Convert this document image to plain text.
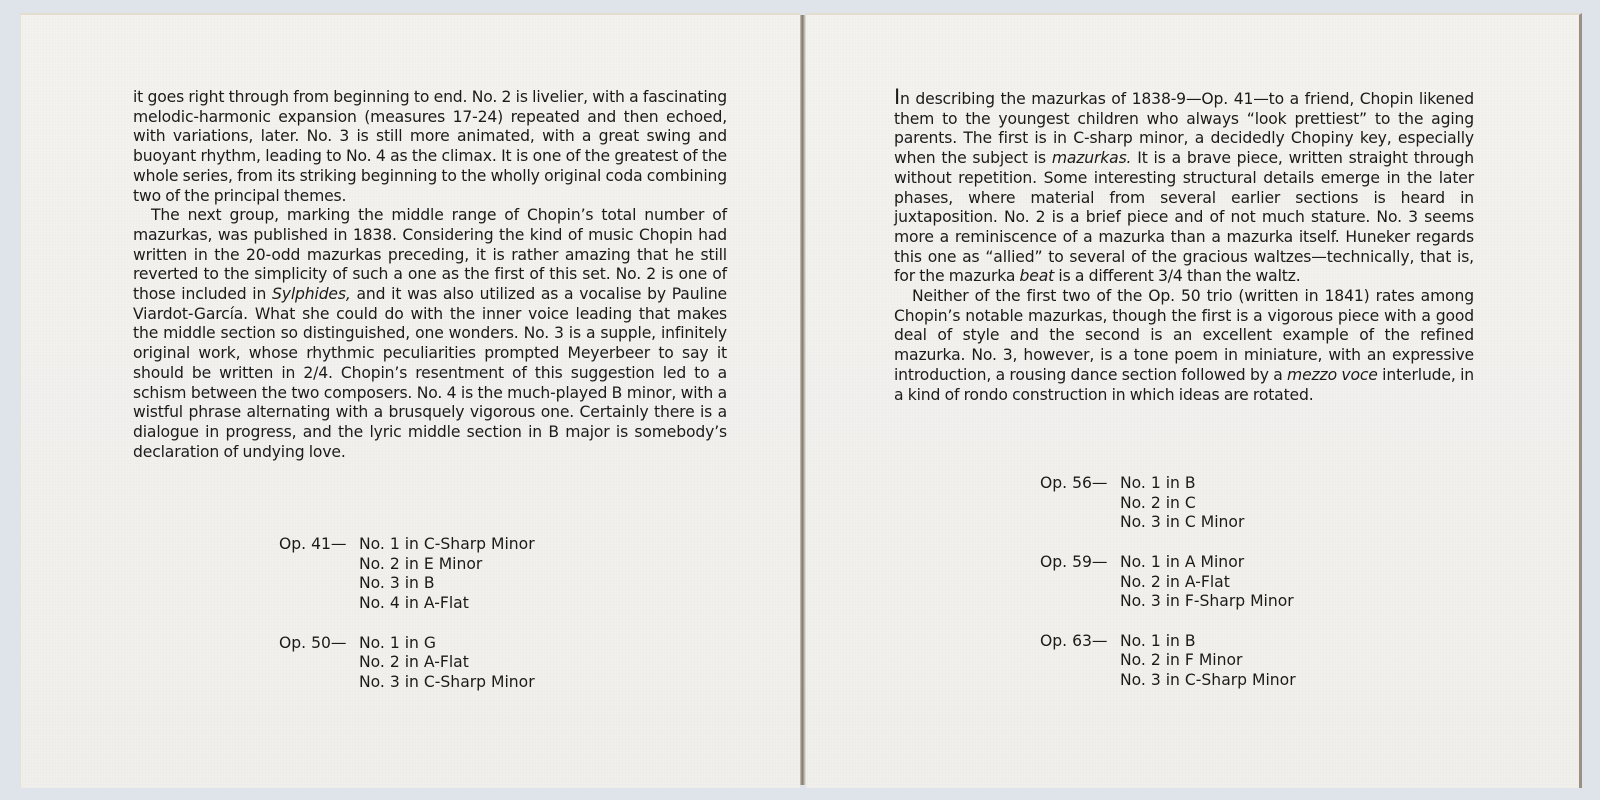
it goes right through from beginning to end. No. 2 is livelier, with a fascinating melodic-harmonic expansion (measures 17-24) repeated and then echoed, with variations, later. No. 3 is still more animated, with a great swing and buoyant rhythm, leading to No. 4 as the climax. It is one of the greatest of the whole series, from its striking beginning to the wholly original coda combining two of the principal themes.

The next group, marking the middle range of Chopin’s total number of mazurkas, was published in 1838. Considering the kind of music Chopin had written in the 20-odd mazurkas preceding, it is rather amazing that he still reverted to the simplicity of such a one as the first of this set. No. 2 is one of those included in Sylphides, and it was also utilized as a vocalise by Pauline Viardot-García. What she could do with the inner voice leading that makes the middle section so distinguished, one wonders. No. 3 is a supple, infinitely original work, whose rhythmic peculiarities prompted Meyerbeer to say it should be written in 2/4. Chopin’s resentment of this suggestion led to a schism between the two composers. No. 4 is the much-played B minor, with a wistful phrase alternating with a brusquely vigorous one. Certainly there is a dialogue in progress, and the lyric middle section in B major is somebody’s declaration of undying love.

Op. 41— No. 1 in C-Sharp Minor
No. 2 in E Minor
No. 3 in B
No. 4 in A-Flat
Op. 50— No. 1 in G
No. 2 in A-Flat
No. 3 in C-Sharp Minor

In describing the mazurkas of 1838-9—Op. 41—to a friend, Chopin likened them to the youngest children who always “look prettiest” to the aging parents. The first is in C-sharp minor, a decidedly Chopiny key, especially when the subject is mazurkas. It is a brave piece, written straight through without repetition. Some interesting structural details emerge in the later phases, where material from several earlier sections is heard in juxtaposition. No. 2 is a brief piece and of not much stature. No. 3 seems more a reminiscence of a mazurka than a mazurka itself. Huneker regards this one as “allied” to several of the gracious waltzes—technically, that is, for the mazurka beat is a different 3/4 than the waltz.

Neither of the first two of the Op. 50 trio (written in 1841) rates among Chopin’s notable mazurkas, though the first is a vigorous piece with a good deal of style and the second is an excellent example of the refined mazurka. No. 3, however, is a tone poem in miniature, with an expressive introduction, a rousing dance section followed by a mezzo voce interlude, in a kind of rondo construction in which ideas are rotated.

Op. 56— No. 1 in B
No. 2 in C
No. 3 in C Minor
Op. 59— No. 1 in A Minor
No. 2 in A-Flat
No. 3 in F-Sharp Minor
Op. 63— No. 1 in B
No. 2 in F Minor
No. 3 in C-Sharp Minor
